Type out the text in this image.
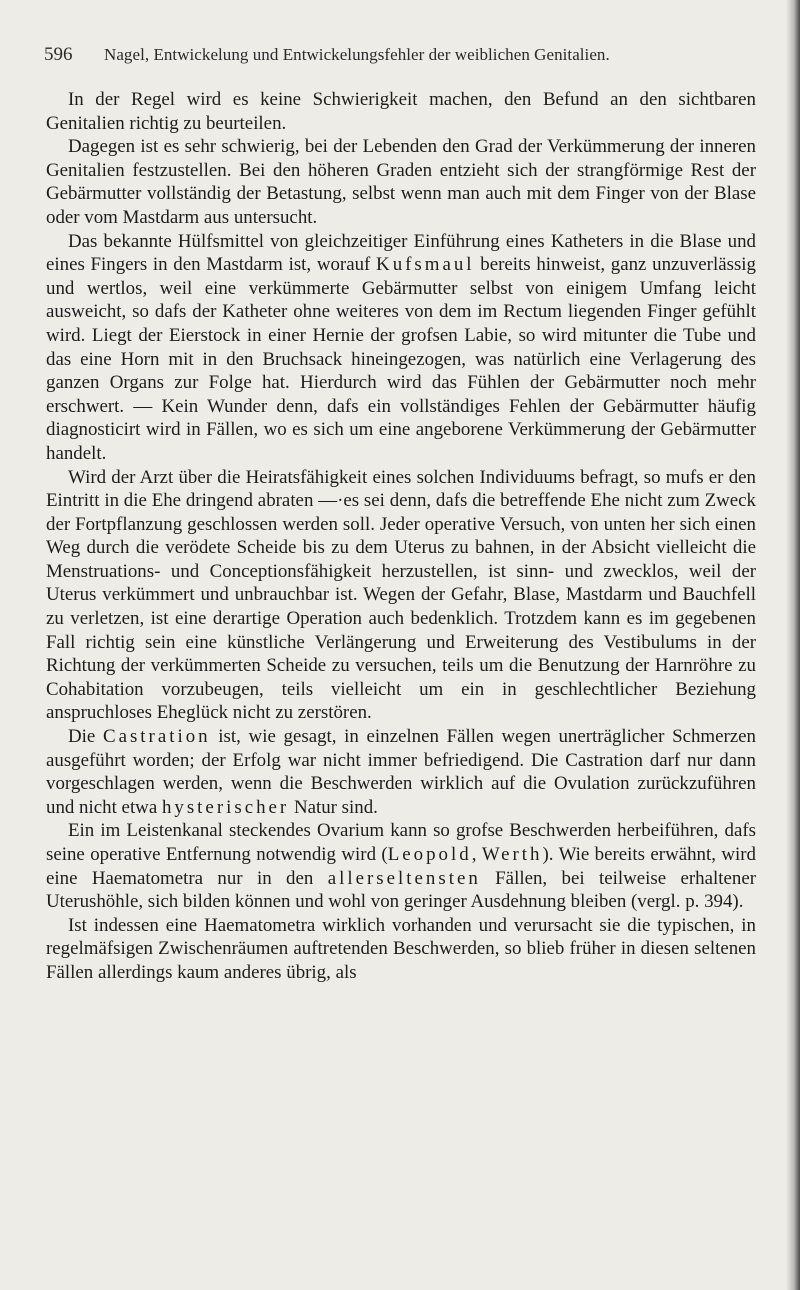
596 Nagel, Entwickelung und Entwickelungsfehler der weiblichen Genitalien.

In der Regel wird es keine Schwierigkeit machen, den Befund an den sichtbaren Genitalien richtig zu beurteilen.

Dagegen ist es sehr schwierig, bei der Lebenden den Grad der Verkümmerung der inneren Genitalien festzustellen. Bei den höheren Graden entzieht sich der strangförmige Rest der Gebärmutter vollständig der Betastung, selbst wenn man auch mit dem Finger von der Blase oder vom Mastdarm aus untersucht.

Das bekannte Hülfsmittel von gleichzeitiger Einführung eines Katheters in die Blase und eines Fingers in den Mastdarm ist, worauf Kufsmaul bereits hinweist, ganz unzuverlässig und wertlos, weil eine verkümmerte Gebärmutter selbst von einigem Umfang leicht ausweicht, so dafs der Katheter ohne weiteres von dem im Rectum liegenden Finger gefühlt wird. Liegt der Eierstock in einer Hernie der grofsen Labie, so wird mitunter die Tube und das eine Horn mit in den Bruchsack hineingezogen, was natürlich eine Verlagerung des ganzen Organs zur Folge hat. Hierdurch wird das Fühlen der Gebärmutter noch mehr erschwert. — Kein Wunder denn, dafs ein vollständiges Fehlen der Gebärmutter häufig diagnosticirt wird in Fällen, wo es sich um eine angeborene Verkümmerung der Gebärmutter handelt.

Wird der Arzt über die Heiratsfähigkeit eines solchen Individuums befragt, so mufs er den Eintritt in die Ehe dringend abraten —·es sei denn, dafs die betreffende Ehe nicht zum Zweck der Fortpflanzung geschlossen werden soll. Jeder operative Versuch, von unten her sich einen Weg durch die verödete Scheide bis zu dem Uterus zu bahnen, in der Absicht vielleicht die Menstruations- und Conceptionsfähigkeit herzustellen, ist sinn- und zwecklos, weil der Uterus verkümmert und unbrauchbar ist. Wegen der Gefahr, Blase, Mastdarm und Bauchfell zu verletzen, ist eine derartige Operation auch bedenklich. Trotzdem kann es im gegebenen Fall richtig sein eine künstliche Verlängerung und Erweiterung des Vestibulums in der Richtung der verkümmerten Scheide zu versuchen, teils um die Benutzung der Harnröhre zu Cohabitation vorzubeugen, teils vielleicht um ein in geschlechtlicher Beziehung anspruchloses Eheglück nicht zu zerstören.

Die Castration ist, wie gesagt, in einzelnen Fällen wegen unerträglicher Schmerzen ausgeführt worden; der Erfolg war nicht immer befriedigend. Die Castration darf nur dann vorgeschlagen werden, wenn die Beschwerden wirklich auf die Ovulation zurückzuführen und nicht etwa hysterischer Natur sind.

Ein im Leistenkanal steckendes Ovarium kann so grofse Beschwerden herbeiführen, dafs seine operative Entfernung notwendig wird (Leopold, Werth). Wie bereits erwähnt, wird eine Haematometra nur in den allerseltensten Fällen, bei teilweise erhaltener Uterushöhle, sich bilden können und wohl von geringer Ausdehnung bleiben (vergl. p. 394).

Ist indessen eine Haematometra wirklich vorhanden und verursacht sie die typischen, in regelmäfsigen Zwischenräumen auftretenden Beschwerden, so blieb früher in diesen seltenen Fällen allerdings kaum anderes übrig, als
